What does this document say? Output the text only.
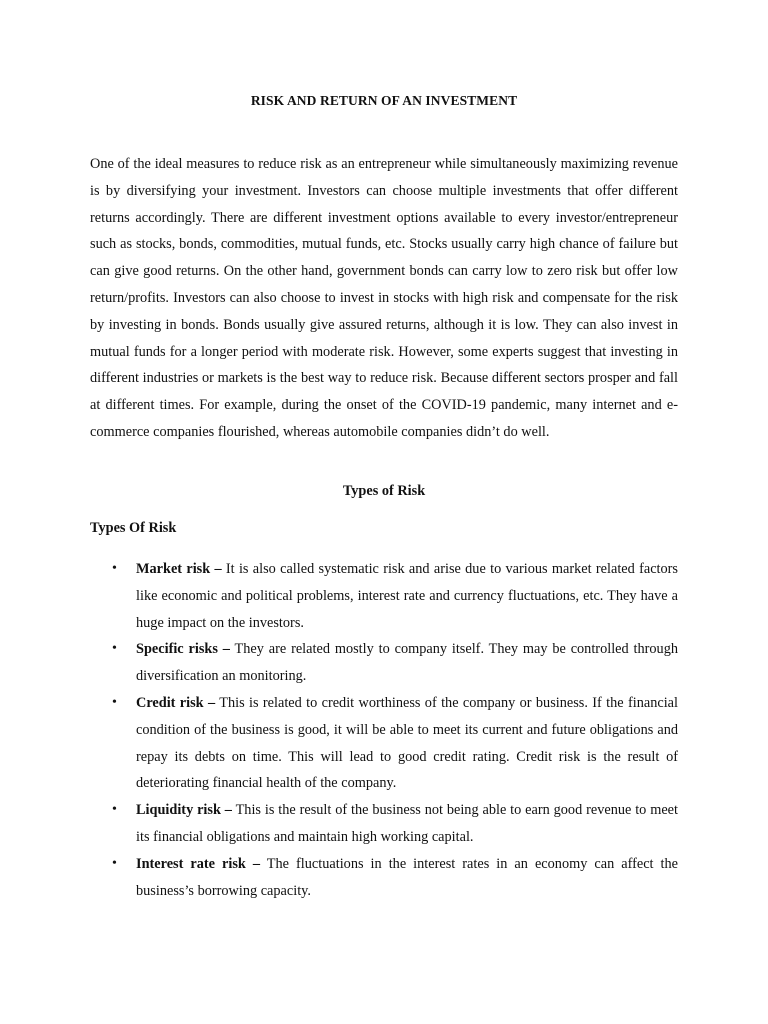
RISK AND RETURN OF AN INVESTMENT

One of the ideal measures to reduce risk as an entrepreneur while simultaneously maximizing revenue is by diversifying your investment. Investors can choose multiple investments that offer different returns accordingly. There are different investment options available to every investor/entrepreneur such as stocks, bonds, commodities, mutual funds, etc. Stocks usually carry high chance of failure but can give good returns. On the other hand, government bonds can carry low to zero risk but offer low return/profits. Investors can also choose to invest in stocks with high risk and compensate for the risk by investing in bonds. Bonds usually give assured returns, although it is low. They can also invest in mutual funds for a longer period with moderate risk. However, some experts suggest that investing in different industries or markets is the best way to reduce risk. Because different sectors prosper and fall at different times. For example, during the onset of the COVID-19 pandemic, many internet and e-commerce companies flourished, whereas automobile companies didn’t do well.

Types of Risk
Types Of Risk
• Market risk – It is also called systematic risk and arise due to various market related factors like economic and political problems, interest rate and currency fluctuations, etc. They have a huge impact on the investors.
• Specific risks – They are related mostly to company itself. They may be controlled through diversification an monitoring.
• Credit risk – This is related to credit worthiness of the company or business. If the financial condition of the business is good, it will be able to meet its current and future obligations and repay its debts on time. This will lead to good credit rating. Credit risk is the result of deteriorating financial health of the company.
• Liquidity risk – This is the result of the business not being able to earn good revenue to meet its financial obligations and maintain high working capital.
• Interest rate risk – The fluctuations in the interest rates in an economy can affect the business’s borrowing capacity.
